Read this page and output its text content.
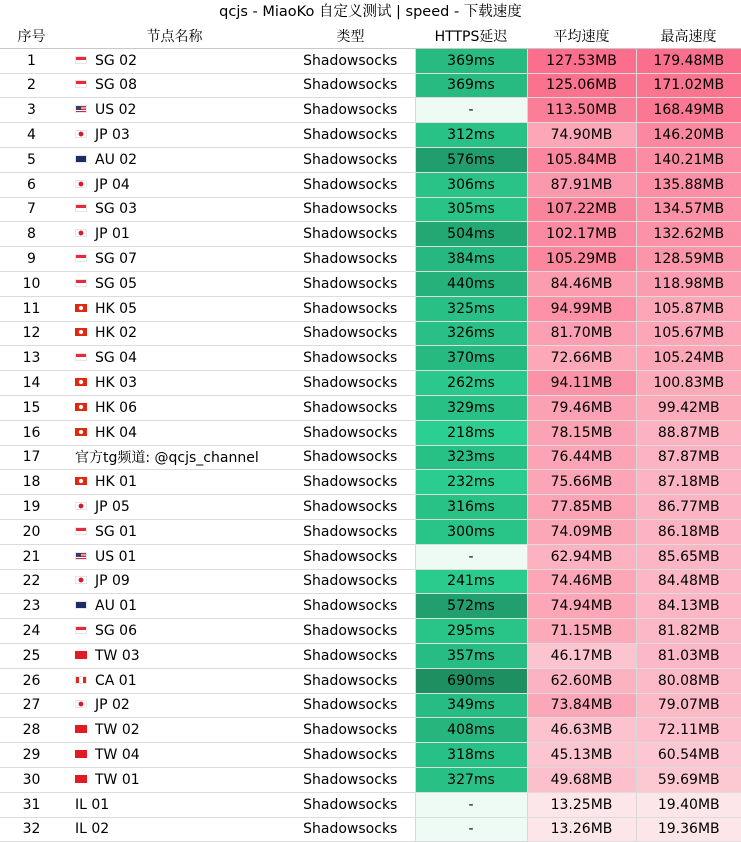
qcjs - MiaoKo 自定义测试 | speed - 下载速度
序号	节点名称	类型	HTTPS延迟	平均速度	最高速度
1	SG 02	Shadowsocks	369ms	127.53MB	179.48MB
2	SG 08	Shadowsocks	369ms	125.06MB	171.02MB
3	US 02	Shadowsocks	-	113.50MB	168.49MB
4	JP 03	Shadowsocks	312ms	74.90MB	146.20MB
5	AU 02	Shadowsocks	576ms	105.84MB	140.21MB
6	JP 04	Shadowsocks	306ms	87.91MB	135.88MB
7	SG 03	Shadowsocks	305ms	107.22MB	134.57MB
8	JP 01	Shadowsocks	504ms	102.17MB	132.62MB
9	SG 07	Shadowsocks	384ms	105.29MB	128.59MB
10	SG 05	Shadowsocks	440ms	84.46MB	118.98MB
11	HK 05	Shadowsocks	325ms	94.99MB	105.87MB
12	HK 02	Shadowsocks	326ms	81.70MB	105.67MB
13	SG 04	Shadowsocks	370ms	72.66MB	105.24MB
14	HK 03	Shadowsocks	262ms	94.11MB	100.83MB
15	HK 06	Shadowsocks	329ms	79.46MB	99.42MB
16	HK 04	Shadowsocks	218ms	78.15MB	88.87MB
17	官方tg频道: @qcjs_channel	Shadowsocks	323ms	76.44MB	87.87MB
18	HK 01	Shadowsocks	232ms	75.66MB	87.18MB
19	JP 05	Shadowsocks	316ms	77.85MB	86.77MB
20	SG 01	Shadowsocks	300ms	74.09MB	86.18MB
21	US 01	Shadowsocks	-	62.94MB	85.65MB
22	JP 09	Shadowsocks	241ms	74.46MB	84.48MB
23	AU 01	Shadowsocks	572ms	74.94MB	84.13MB
24	SG 06	Shadowsocks	295ms	71.15MB	81.82MB
25	TW 03	Shadowsocks	357ms	46.17MB	81.03MB
26	CA 01	Shadowsocks	690ms	62.60MB	80.08MB
27	JP 02	Shadowsocks	349ms	73.84MB	79.07MB
28	TW 02	Shadowsocks	408ms	46.63MB	72.11MB
29	TW 04	Shadowsocks	318ms	45.13MB	60.54MB
30	TW 01	Shadowsocks	327ms	49.68MB	59.69MB
31	IL 01	Shadowsocks	-	13.25MB	19.40MB
32	IL 02	Shadowsocks	-	13.26MB	19.36MB
